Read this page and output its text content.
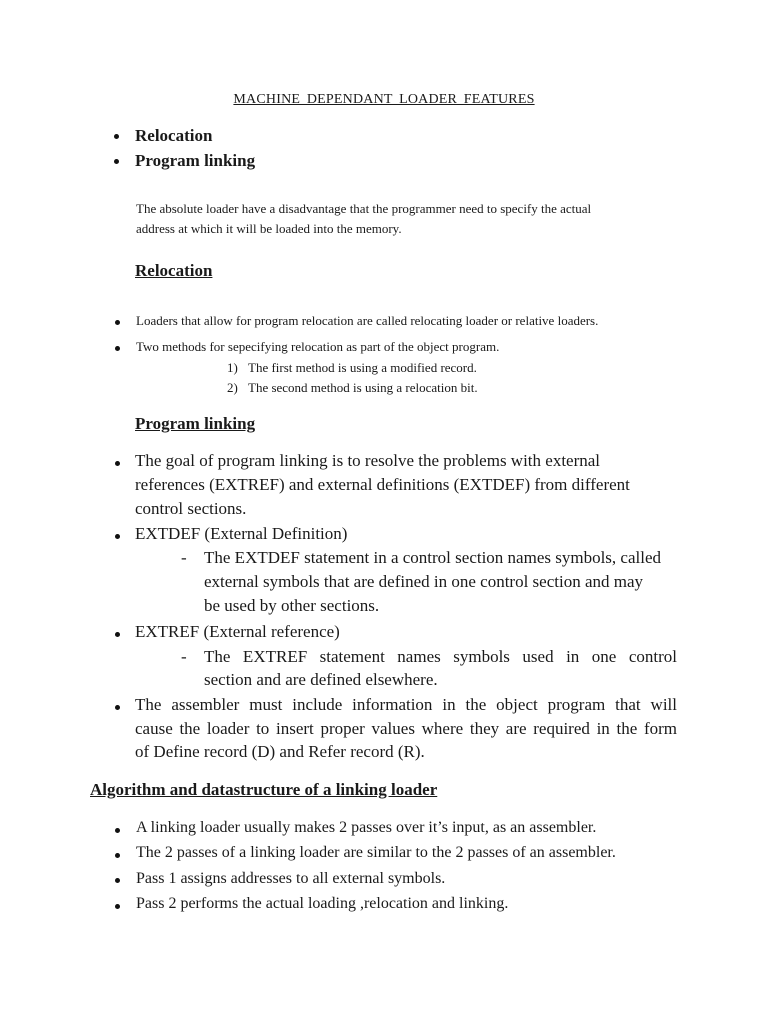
MACHINE DEPENDANT LOADER FEATURES
Relocation
Program linking
The absolute loader have a disadvantage that the programmer need to specify the actual
address at which it will be loaded into the memory.
Relocation
Loaders that allow for program relocation are called relocating loader or relative loaders.
Two methods for sepecifying relocation as part of the object program.
1) The first method is using a modified record.
2) The second method is using a relocation bit.
Program linking
The goal of program linking is to resolve the problems with external
references (EXTREF) and external definitions (EXTDEF) from different
control sections.
EXTDEF (External Definition)
- The EXTDEF statement in a control section names symbols, called
external symbols that are defined in one control section and may
be used by other sections.
EXTREF (External reference)
- The EXTREF statement names symbols used in one control
section and are defined elsewhere.
The assembler must include information in the object program that will
cause the loader to insert proper values where they are required in the form
of Define record (D) and Refer record (R).
Algorithm and datastructure of a linking loader
A linking loader usually makes 2 passes over it’s input, as an assembler.
The 2 passes of a linking loader are similar to the 2 passes of an assembler.
Pass 1 assigns addresses to all external symbols.
Pass 2 performs the actual loading ,relocation and linking.
